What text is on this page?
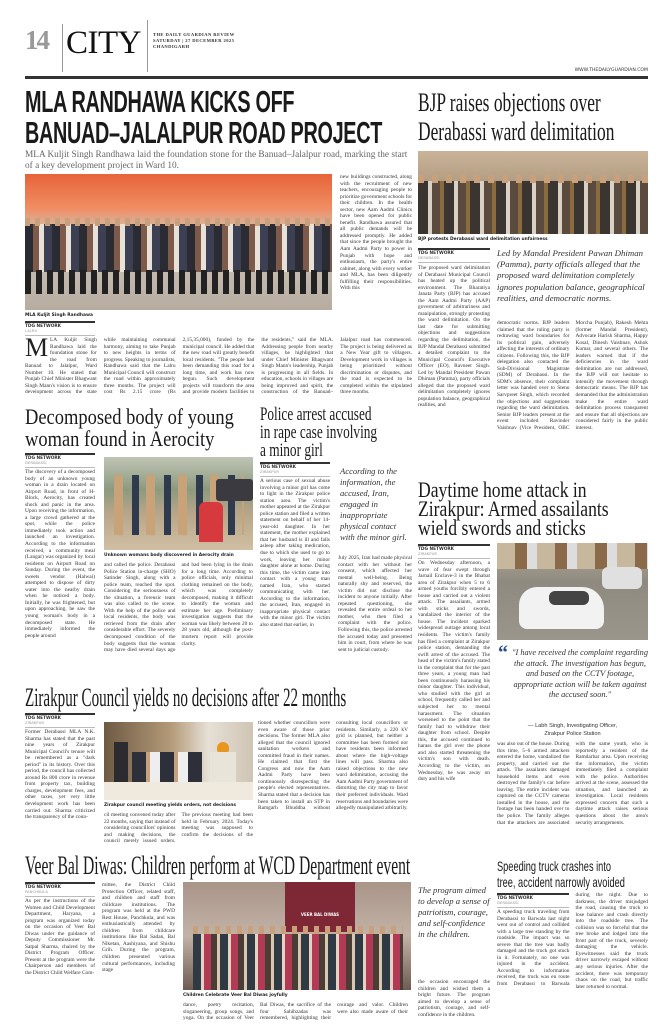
14 CITY	THE DAILY GUARDIAN REVIEW
SATURDAY | 27 DECEMBER 2025
CHANDIGARH
WWW.THEDAILYGUARDIAN.COM
MLA RANDHAWA KICKS OFF
BANUAD–JALALPUR ROAD PROJECT
MLA Kuljit Singh Randhawa laid the foundation stone for the Banuad–Jalalpur road, marking the start of a key development project in Ward 10.
MLA Kuljit Singh Randhawa
new buildings constructed, along with the recruitment of new teachers, encouraging people to prioritize government schools for their children. In the health sector, new Aam Aadmi Clinics have been opened for public benefit. Randhawa assured that all public demands will be addressed promptly. He added that since the people brought the Aam Aadmi Party to power in Punjab with hope and enthusiasm, the party's entire cabinet, along with every worker and MLA, has been diligently fulfilling their responsibilities. With this
TDG NETWORK
LALRU
M LA Kuljit Singh Randhawa laid the foundation stone for the road from Banuad to Jalalpur, Ward Number 10. He stated that Punjab Chief Minister Bhagwant Singh Mann's vision is to ensure development across the state while maintaining communal harmony, aiming to take Punjab to new heights in terms of progress. Speaking to journalists, Randhawa said that the Lalru Municipal Council will construct the road within approximately three months. The project will cost Rs 2.15 crore (Rs 2,15,35,000), funded by the municipal council. He added that the new road will greatly benefit local residents. "The people had been demanding this road for a long time, and work has now begun. Such development projects will transform the area and provide modern facilities to the residents," said the MLA. Addressing people from nearby villages, he highlighted that under Chief Minister Bhagwant Singh Mann's leadership, Punjab is progressing in all fields. In education, schools in villages are being improved and spirit, the construction of the Banuad–Jalalpur road has commenced. The project is being delivered as a New Year gift to villagers. Development work in villages is being prioritized without discrimination or disputes, and the road is expected to be completed within the stipulated three months.
BJP raises objections over
Derabassi ward delimitation
BJP protests Derabassi ward delimitation unfairness
TDG NETWORK
DERABASSI
The proposed ward delimitation of Derabassi Municipal Council has heated up the political environment. The Bharatiya Janata Party (BJP) has accused the Aam Aadmi Party (AAP) government of arbitrariness and manipulation, strongly protesting the ward delimitation. On the last date for submitting objections and suggestions regarding the delimitation, the BJP Mandal Derabassi submitted a detailed complaint to the Municipal Council's Executive Officer (EO), Ravneet Singh. Led by Mandal President Pawan Dhiman (Pamma), party officials alleged that the proposed ward delimitation completely ignores population balance, geographical realities, and
Led by Mandal President Pawan Dhiman (Pamma), party officials alleged that the proposed ward delimitation completely ignores population balance, geographical realities, and democratic norms.
democratic norms. BJP leaders claimed that the ruling party is redrawing ward boundaries for its political gain, adversely affecting the interests of ordinary citizens. Following this, the BJP delegation also contacted the Sub-Divisional Magistrate (SDM) of Derabassi. In the SDM's absence, their complaint letter was handed over to Steno Sarvpreet Singh, which recorded the objections and suggestions regarding the ward delimitation. Senior BJP leaders present at the event included Ravinder Vaishnav (Vice President, OBC Morcha Punjab), Rakesh Mehta (former Mandal President), Advocate Harish Sharma, Happy Kosal, Dinesh Vaishnav, Ashok Kumar, and several others. The leaders warned that if the deficiencies in the ward delimitation are not addressed, the BJP will not hesitate to intensify the movement through democratic means. The BJP has demanded that the administration make the entire ward delimitation process transparent and ensure that all objections are considered fairly in the public interest.
Decomposed body of young
woman found in Aerocity
TDG NETWORK
DERABASSI
The discovery of a decomposed body of an unknown young woman in a drain located on Airport Road, in front of H-Block, Aerocity, has created shock and panic in the area. Upon receiving the information, a large crowd gathered at the spot, while the police immediately took action and launched an investigation. According to the information received, a community meal (Langar) was organized by local residents on Airport Road on Sunday. During the event, the sweets vendor (Halwai) attempted to dispose of dirty water into the nearby drain when he noticed a body. Initially, he was frightened, but upon approaching, he saw the young woman's body in a decomposed state. He immediately informed the people around
Unknown womans body discovered in Aerocity drain
and called the police. Derabassi Police Station in-charge (SHO) Satinder Singh, along with a police team, reached the spot. Considering the seriousness of the situation, a forensic team was also called to the scene. With the help of the police and local residents, the body was retrieved from the drain after considerable effort. The severely decomposed condition of the body suggests that the woman may have died several days ago and had been lying in the drain for a long time. According to police officials, only minimal clothing remained on the body, which was completely decomposed, making it difficult to identify the woman and estimate her age. Preliminary investigation suggests that the woman was likely between 20 to 28 years old, although the post-mortem report will provide clarity.
Police arrest accused
in rape case involving
a minor girl
TDG NETWORK
ZIRAKPUR
A serious case of sexual abuse involving a minor girl has come to light in the Zirakpur police station area. The victim's mother appeared at the Zirakpur police station and filed a written statement on behalf of her 14-year-old daughter. In her statement, the mother explained that her husband is ill and falls asleep after taking medication, due to which she used to go to work, leaving her minor daughter alone at home. During this time, the victim came into contact with a young man named Iran, who started communicating with her. According to the information, the accused, Iran, engaged in inappropriate physical contact with the minor girl. The victim also stated that earlier, in
According to the information, the accused, Iran, engaged in inappropriate physical contact with the minor girl.
July 2025, Iran had made physical contact with her without her consent, which affected her mental well-being. Being naturally shy and reserved, the victim did not disclose the incident to anyone initially. After repeated questioning, she revealed the entire ordeal to her mother, who then filed a complaint with the police. Following this, the police arrested the accused today and presented him in court, from where he was sent to judicial custody.
Daytime home attack in
Zirakpur: Armed assailants
wield swords and sticks
TDG NETWORK
ZIRAKPUR
On Wednesday afternoon, a wave of fear swept through Jarnail Enclave-3 in the Bhabat area of Zirakpur when 5 to 6 armed youths forcibly entered a house and carried out a violent attack. The assailants, armed with sticks and swords, vandalized the interior of the house. The incident sparked widespread outrage among local residents. The victim's family has filed a complaint at Zirakpur police station, demanding the swift arrest of the accused. The head of the victim's family stated in the complaint that for the past three years, a young man had been continuously harassing his minor daughter. This individual, who studied with the girl at school, frequently called her and subjected her to mental harassment. The situation worsened to the point that the family had to withdraw their daughter from school. Despite this, the accused continued to harass the girl over the phone and also started threatening the victim's son with death. According to the victim, on Wednesday, he was away on duty and his wife
“ "I have received the complaint regarding the attack. The investigation has begun, and based on the CCTV footage, appropriate action will be taken against the accused soon."
— Labh Singh, Investigating Officer,
Zirakpur Police Station
was also out of the house. During this time, 5–6 armed attackers entered the home, vandalized the property, and carried out the attack. The assailants damaged household items and even destroyed the family's car before leaving. The entire incident was captured on the CCTV cameras installed in the house, and the footage has been handed over to the police. The family alleges that the attackers are associated with the same youth, who is reportedly a resident of the Ramdarbar area. Upon receiving the information, the victim immediately filed a complaint with the police. Authorities arrived at the scene, assessed the situation, and launched an investigation. Local residents expressed concern that such a daytime attack raises serious questions about the area's security arrangements.
Zirakpur Council yields no decisions after 22 months
TDG NETWORK
ZIRAKPUR
Former Derabassi MLA N.K. Sharma has stated that the past nine years of Zirakpur Municipal Council's tenure will be remembered as a "dark period" in its history. Over this period, the council has collected around Rs 800 crore in revenue from property tax, building charges, development fees, and other taxes, yet very little development work has been carried out. Sharma criticized the transparency of the coun-
Zirakpur council meeting yields orders, not decisions
cil meeting convened today after 22 months, saying that instead of considering councillors' opinions and making decisions, the council merely issued orders. The previous meeting had been held in February 2024. Today's meeting was supposed to confirm the decisions of the
tioned whether councillors were even aware of those prior decisions. The former MLA also alleged that the council ignored sanitation workers and committed fraud in their names. He claimed that first the Congress and now the Aam Aadmi Party have been continuously disrespecting the people's elected representatives. Sharma stated that a decision has been taken to install an STP in Ramgarh Bhuddha without consulting local councillors or residents. Similarly, a 220 kV grid is planned, but neither a committee has been formed nor have residents been informed about where the high-voltage lines will pass. Sharma also raised objections to the new ward delimitation, accusing the Aam Aadmi Party government of distorting the city map to favor their preferred individuals. Ward reservations and boundaries were allegedly manipulated arbitrarily.
Veer Bal Diwas: Children perform at WCD Department event
TDG NETWORK
PANCHKULA
As per the instructions of the Women and Child Development Department, Haryana, a program was organized today on the occasion of Veer Bal Diwas under the guidance of Deputy Commissioner Mr. Satpal Sharma, chaired by the District Program Officer. Present at the program were the Chairperson and members of the District Child Welfare Com-
mittee, the District Child Protection Officer, related staff, and children and staff from childcare institutions. The program was held at the PWD Rest House, Panchkula, and was enthusiastically attended by children from childcare institutions like Bal Sadan, Bal Niketan, Aashiyana, and Shishu Grih. During the program, children presented various cultural performances, including stage
VEER BAL DIWAS
Children Celebrate Veer Bal Diwas joyfully
dance, poetry recitation, sloganeering, group songs, and yoga. On the occasion of Veer Bal Diwas, the sacrifice of the four Sahibzadas was remembered, highlighting their courage and valor. Children were also made aware of their
The program aimed to develop a sense of patriotism, courage, and self-confidence in the children.
the occasion encouraged the children and wished them a bright future. The program aimed to develop a sense of patriotism, courage, and self-confidence in the children.
Speeding truck crashes into
tree, accident narrowly avoided
TDG NETWORK
DERABASSI
A speeding truck traveling from Derabassi to Barwala last night went out of control and collided with a large tree standing by the roadside. The impact was so severe that the tree was badly damaged and the truck got stuck in it. Fortunately, no one was injured in the accident. According to information received, the truck was en route from Derabassi to Barwala during the night. Due to darkness, the driver misjudged the road, causing the truck to lose balance and crash directly into the roadside tree. The collision was so forceful that the tree broke and lodged into the front part of the truck, severely damaging the vehicle. Eyewitnesses said the truck driver narrowly escaped without any serious injuries. After the accident, there was temporary chaos on the road, but traffic later returned to normal.
